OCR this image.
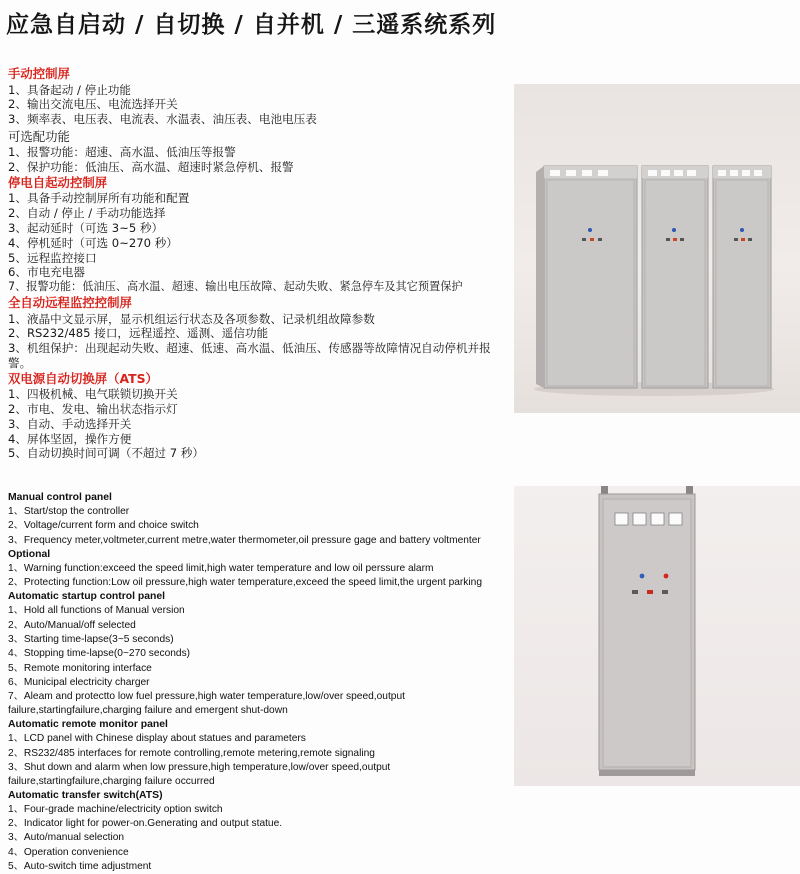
应急自启动 / 自切换 / 自并机 / 三遥系统系列
手动控制屏
1、具备起动 / 停止功能
2、输出交流电压、电流选择开关
3、频率表、电压表、电流表、水温表、油压表、电池电压表
可选配功能
1、报警功能：超速、高水温、低油压等报警
2、保护功能：低油压、高水温、超速时紧急停机、报警
停电自起动控制屏
1、具备手动控制屏所有功能和配置
2、自动 / 停止 / 手动功能选择
3、起动延时（可选 3~5 秒）
4、停机延时（可选 0~270 秒）
5、远程监控接口
6、市电充电器
7、报警功能：低油压、高水温、超速、输出电压故障、起动失败、紧急停车及其它预置保护
全自动远程监控控制屏
1、液晶中文显示屏，显示机组运行状态及各项参数、记录机组故障参数
2、RS232/485 接口，远程遥控、遥测、遥信功能
3、机组保护：出现起动失败、超速、低速、高水温、低油压、传感器等故障情况自动停机并报警。
双电源自动切换屏（ATS）
1、四极机械、电气联锁切换开关
2、市电、发电、输出状态指示灯
3、自动、手动选择开关
4、屏体坚固，操作方便
5、自动切换时间可调（不超过 7 秒）
Manual control panel
1、Start/stop the controller
2、Voltage/current form and choice switch
3、Frequency meter,voltmeter,current metre,water thermometer,oil pressure gage and battery voltmenter
Optional
1、Warning function:exceed the speed limit,high water temperature and low oil perssure alarm
2、Protecting function:Low oil pressure,high water temperature,exceed the speed limit,the urgent parking
Automatic startup control panel
1、Hold all functions of Manual version
2、Auto/Manual/off selected
3、Starting time-lapse(3~5 seconds)
4、Stopping time-lapse(0~270 seconds)
5、Remote monitoring interface
6、Municipal electricity charger
7、Aleam and protectto low fuel pressure,high water temperature,low/over speed,output failure,startingfailure,charging failure and emergent shut-down
Automatic remote monitor panel
1、LCD panel with Chinese display about statues and parameters
2、RS232/485 interfaces for remote controlling,remote metering,remote signaling
3、Shut down and alarm when low pressure,high temperature,low/over speed,output failure,startingfailure,charging failure occurred
Automatic transfer switch(ATS)
1、Four-grade machine/electricity option switch
2、Indicator light for power-on.Generating and output statue.
3、Auto/manual selection
4、Operation convenience
5、Auto-switch time adjustment
